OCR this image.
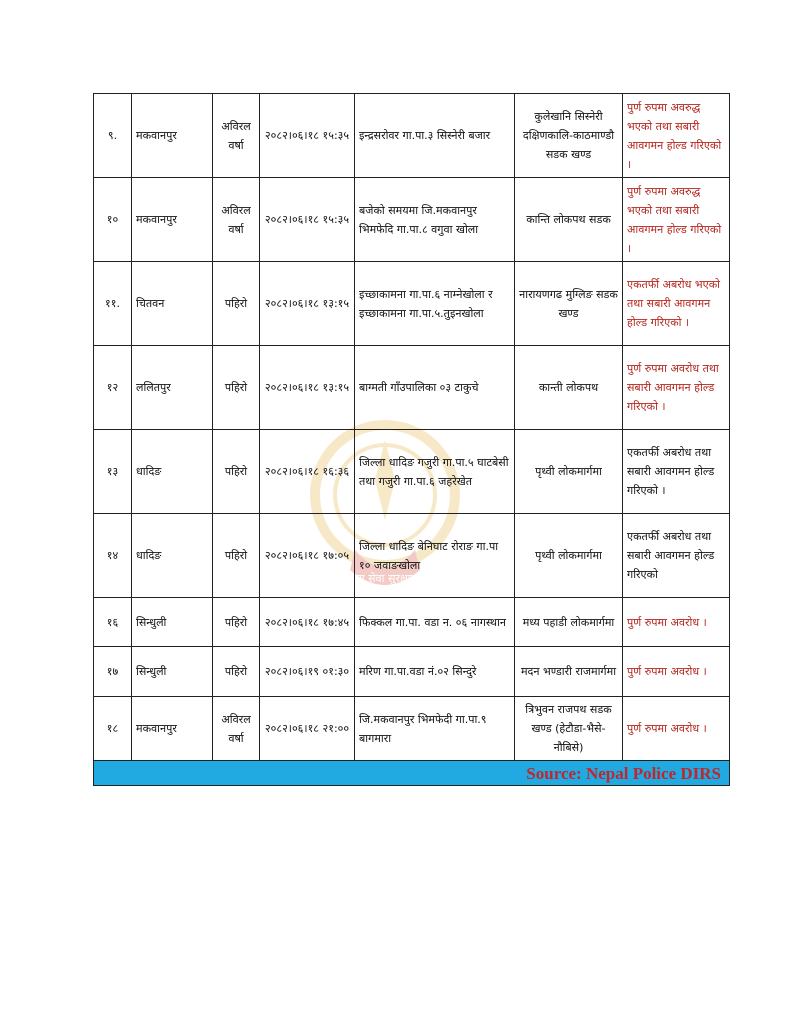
सत्य सेवा सुरक्षणम्
९.	मकवानपुर	अविरल वर्षा	२०८२।०६।१८ १५:३५	इन्द्रसरोवर गा.पा.३ सिस्नेरी बजार	कुलेखानि सिस्नेरी दक्षिणकालि-काठमाण्डौ सडक खण्ड	पुर्ण रुपमा अवरुद्ध भएको तथा सबारी आवगमन होल्ड गरिएको ।
१०	मकवानपुर	अविरल वर्षा	२०८२।०६।१८ १५:३५	बजेको समयमा जि.मकवानपुर भिमफेदि गा.पा.८ वगुवा खोला	कान्ति लोकपथ सडक	पुर्ण रुपमा अवरुद्ध भएको तथा सबारी आवगमन होल्ड गरिएको ।
११.	चितवन	पहिरो	२०८२।०६।१८ १३:१५	इच्छाकामना गा.पा.६ नाम्नेखोला र इच्छाकामना गा.पा.५.तुइनखोला	नारायणगढ मुग्लिङ सडक खण्ड	एकतर्फी अबरोध भएको तथा सबारी आवगमन होल्ड गरिएको ।
१२	ललितपुर	पहिरो	२०८२।०६।१८ १३:१५	बाग्मती गाँउपालिका ०३ टाकुचे	कान्ती लोकपथ	पुर्ण रुपमा अवरोध तथा सबारी आवगमन होल्ड गरिएको ।
१३	धादिङ	पहिरो	२०८२।०६।१८ १६:३६	जिल्ला धादिङ गजुरी गा.पा.५ घाटबेसी तथा गजुरी गा.पा.६ जहरेखेत	पृथ्वी लोकमार्गमा	एकतर्फी अबरोध तथा सबारी आवगमन होल्ड गरिएको ।
१४	धादिङ	पहिरो	२०८२।०६।१८ १७:०५	जिल्ला धादिङ बेनिघाट रोराङ गा.पा १० जवाङखोला	पृथ्वी लोकमार्गमा	एकतर्फी अबरोध तथा सबारी आवगमन होल्ड गरिएको
१६	सिन्धुली	पहिरो	२०८२।०६।१८ १७:४५	फिक्कल गा.पा. वडा न. ०६ नागस्थान	मध्य पहाडी लोकमार्गमा	पुर्ण रुपमा अवरोध ।
१७	सिन्धुली	पहिरो	२०८२।०६।१९ ०१:३०	मरिण गा.पा.वडा नं.०२ सिन्दुरे	मदन भण्डारी राजमार्गमा	पुर्ण रुपमा अवरोध ।
१८	मकवानपुर	अविरल वर्षा	२०८२।०६।१८ २१:००	जि.मकवानपुर भिमफेदी गा.पा.९ बागमारा	त्रिभुवन राजपथ सडक खण्ड (हेटौडा-भैसे-नौबिसे)	पुर्ण रुपमा अवरोध ।
Source: Nepal Police DIRS						
